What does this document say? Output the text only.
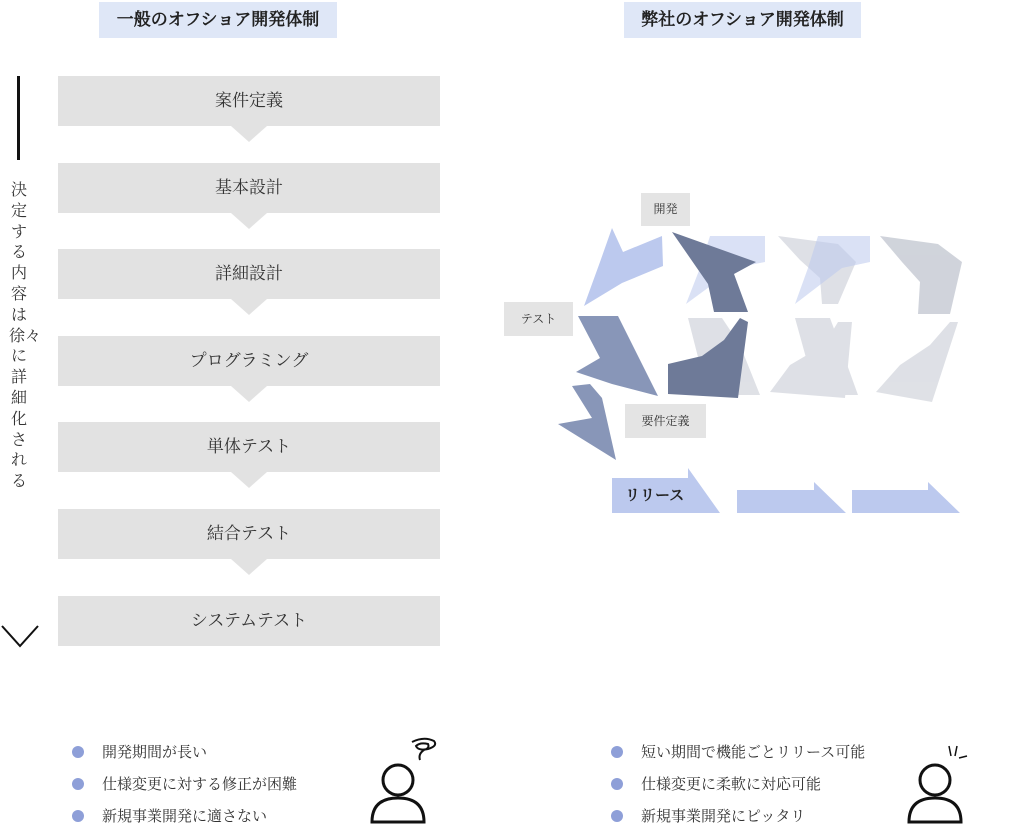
一般のオフショア開発体制	弊社のオフショア開発体制
案件定義
基本設計
詳細設計
プログラミング
単体テスト
結合テスト
システムテスト
決定する内容は徐々に詳細化される
開発
テスト
要件定義
リリース
開発期間が長い
仕様変更に対する修正が困難
新規事業開発に適さない
短い期間で機能ごとリリース可能
仕様変更に柔軟に対応可能
新規事業開発にピッタリ
